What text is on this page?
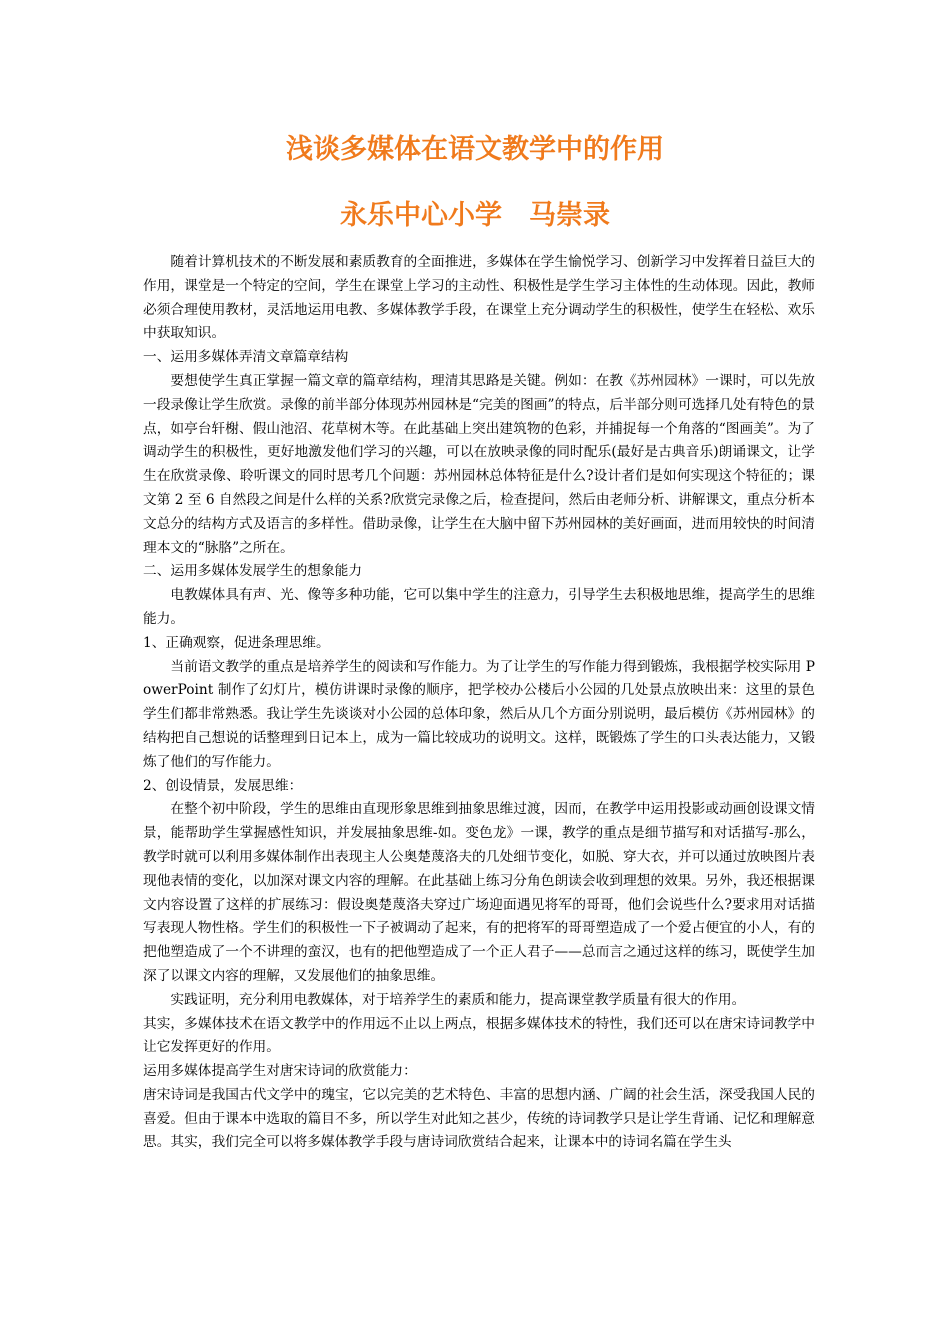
浅谈多媒体在语文教学中的作用
永乐中心小学　马崇录

随着计算机技术的不断发展和素质教育的全面推进，多媒体在学生愉悦学习、创新学习中发挥着日益巨大的作用，课堂是一个特定的空间，学生在课堂上学习的主动性、积极性是学生学习主体性的生动体现。因此，教师必须合理使用教材，灵活地运用电教、多媒体教学手段，在课堂上充分调动学生的积极性，使学生在轻松、欢乐中获取知识。

一、运用多媒体弄清文章篇章结构

要想使学生真正掌握一篇文章的篇章结构，理清其思路是关键。例如：在教《苏州园林》一课时，可以先放一段录像让学生欣赏。录像的前半部分体现苏州园林是“完美的图画”的特点，后半部分则可选择几处有特色的景点，如亭台轩榭、假山池沼、花草树木等。在此基础上突出建筑物的色彩，并捕捉每一个角落的“图画美”。为了调动学生的积极性，更好地激发他们学习的兴趣，可以在放映录像的同时配乐(最好是古典音乐)朗诵课文，让学生在欣赏录像、聆听课文的同时思考几个问题：苏州园林总体特征是什么?设计者们是如何实现这个特征的；课文第 2 至 6 自然段之间是什么样的关系?欣赏完录像之后，检查提问，然后由老师分析、讲解课文，重点分析本文总分的结构方式及语言的多样性。借助录像，让学生在大脑中留下苏州园林的美好画面，进而用较快的时间清理本文的“脉胳”之所在。

二、运用多媒体发展学生的想象能力

电教媒体具有声、光、像等多种功能，它可以集中学生的注意力，引导学生去积极地思维，提高学生的思维能力。

1、正确观察，促进条理思维。

当前语文教学的重点是培养学生的阅读和写作能力。为了让学生的写作能力得到锻炼，我根据学校实际用 PowerPoint 制作了幻灯片，模仿讲课时录像的顺序，把学校办公楼后小公园的几处景点放映出来：这里的景色学生们都非常熟悉。我让学生先谈谈对小公园的总体印象，然后从几个方面分别说明，最后模仿《苏州园林》的结构把自己想说的话整理到日记本上，成为一篇比较成功的说明文。这样，既锻炼了学生的口头表达能力，又锻炼了他们的写作能力。

2、创设情景，发展思维：

在整个初中阶段，学生的思维由直现形象思维到抽象思维过渡，因而，在教学中运用投影或动画创设课文情景，能帮助学生掌握感性知识，并发展抽象思维-如。变色龙》一课，教学的重点是细节描写和对话描写-那么，教学时就可以利用多媒体制作出表现主人公奥楚蔑洛夫的几处细节变化，如脱、穿大衣，并可以通过放映图片表现他表情的变化，以加深对课文内容的理解。在此基础上练习分角色朗读会收到理想的效果。另外，我还根据课文内容设置了这样的扩展练习：假设奥楚蔑洛夫穿过广场迎面遇见将军的哥哥，他们会说些什么?要求用对话描写表现人物性格。学生们的积极性一下子被调动了起来，有的把将军的哥哥塑造成了一个爱占便宜的小人，有的把他塑造成了一个不讲理的蛮汉，也有的把他塑造成了一个正人君子——总而言之通过这样的练习，既使学生加深了以课文内容的理解，又发展他们的抽象思维。

实践证明，充分利用电教媒体，对于培养学生的素质和能力，提高课堂教学质量有很大的作用。

其实，多媒体技术在语文教学中的作用远不止以上两点，根据多媒体技术的特性，我们还可以在唐宋诗词教学中让它发挥更好的作用。

运用多媒体提高学生对唐宋诗词的欣赏能力：

唐宋诗词是我国古代文学中的瑰宝，它以完美的艺术特色、丰富的思想内涵、广阔的社会生活，深受我国人民的喜爱。但由于课本中选取的篇目不多，所以学生对此知之甚少，传统的诗词教学只是让学生背诵、记忆和理解意思。其实，我们完全可以将多媒体教学手段与唐诗词欣赏结合起来，让课本中的诗词名篇在学生头
